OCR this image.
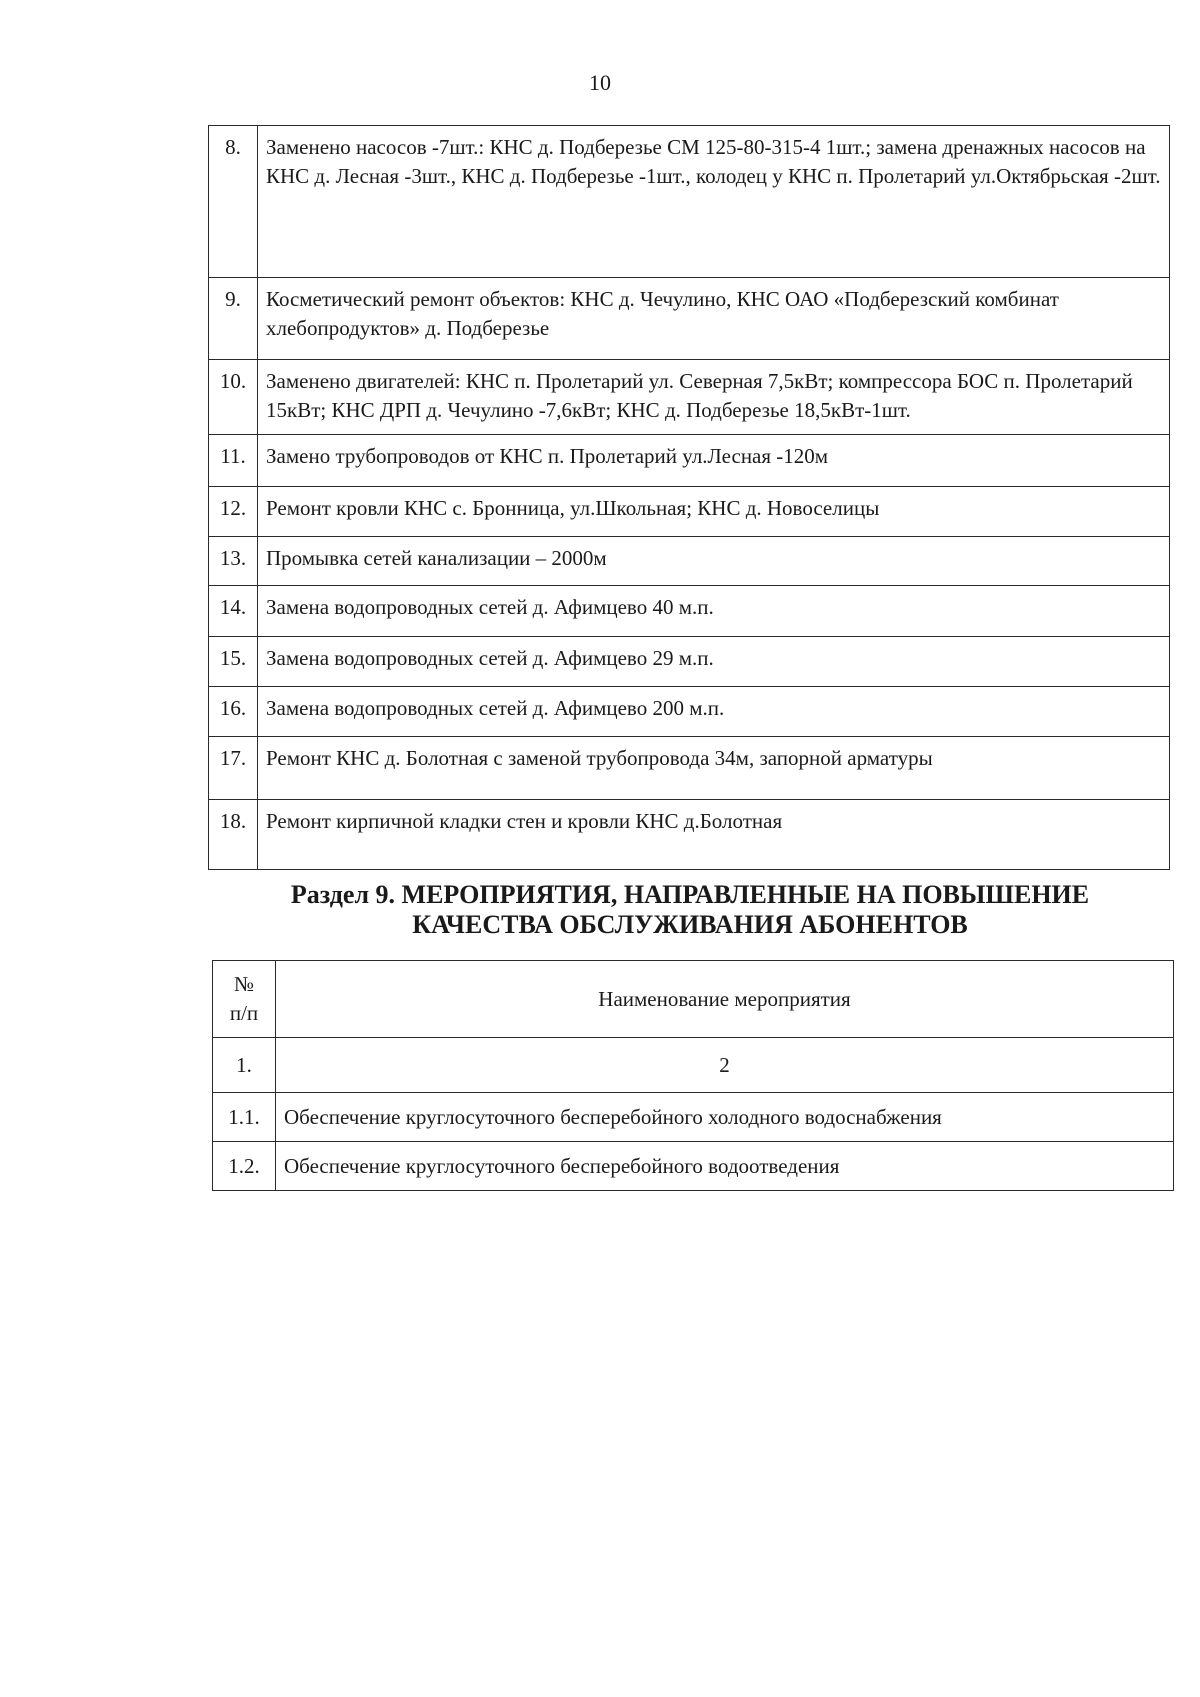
10
8.	Заменено насосов -7шт.: КНС д. Подберезье СМ 125-80-315-4 1шт.; замена дренажных насосов на КНС д. Лесная -3шт., КНС д. Подберезье -1шт., колодец у КНС п. Пролетарий ул.Октябрьская -2шт.
9.	Косметический ремонт объектов: КНС д. Чечулино, КНС ОАО «Подберезский комбинат хлебопродуктов» д. Подберезье
10.	Заменено двигателей: КНС п. Пролетарий ул. Северная 7,5кВт; компрессора БОС п. Пролетарий 15кВт; КНС ДРП д. Чечулино -7,6кВт; КНС д. Подберезье 18,5кВт-1шт.
11.	Замено трубопроводов от КНС п. Пролетарий ул.Лесная -120м
12.	Ремонт кровли КНС с. Бронница, ул.Школьная; КНС д. Новоселицы
13.	Промывка сетей канализации – 2000м
14.	Замена водопроводных сетей д. Афимцево 40 м.п.
15.	Замена водопроводных сетей д. Афимцево 29 м.п.
16.	Замена водопроводных сетей д. Афимцево 200 м.п.
17.	Ремонт КНС д. Болотная с заменой трубопровода 34м, запорной арматуры
18.	Ремонт кирпичной кладки стен и кровли КНС д.Болотная
Раздел 9. МЕРОПРИЯТИЯ, НАПРАВЛЕННЫЕ НА ПОВЫШЕНИЕ
КАЧЕСТВА ОБСЛУЖИВАНИЯ АБОНЕНТОВ
№
п/п	Наименование мероприятия
1.	2
1.1.	Обеспечение круглосуточного бесперебойного холодного водоснабжения
1.2.	Обеспечение круглосуточного бесперебойного водоотведения
